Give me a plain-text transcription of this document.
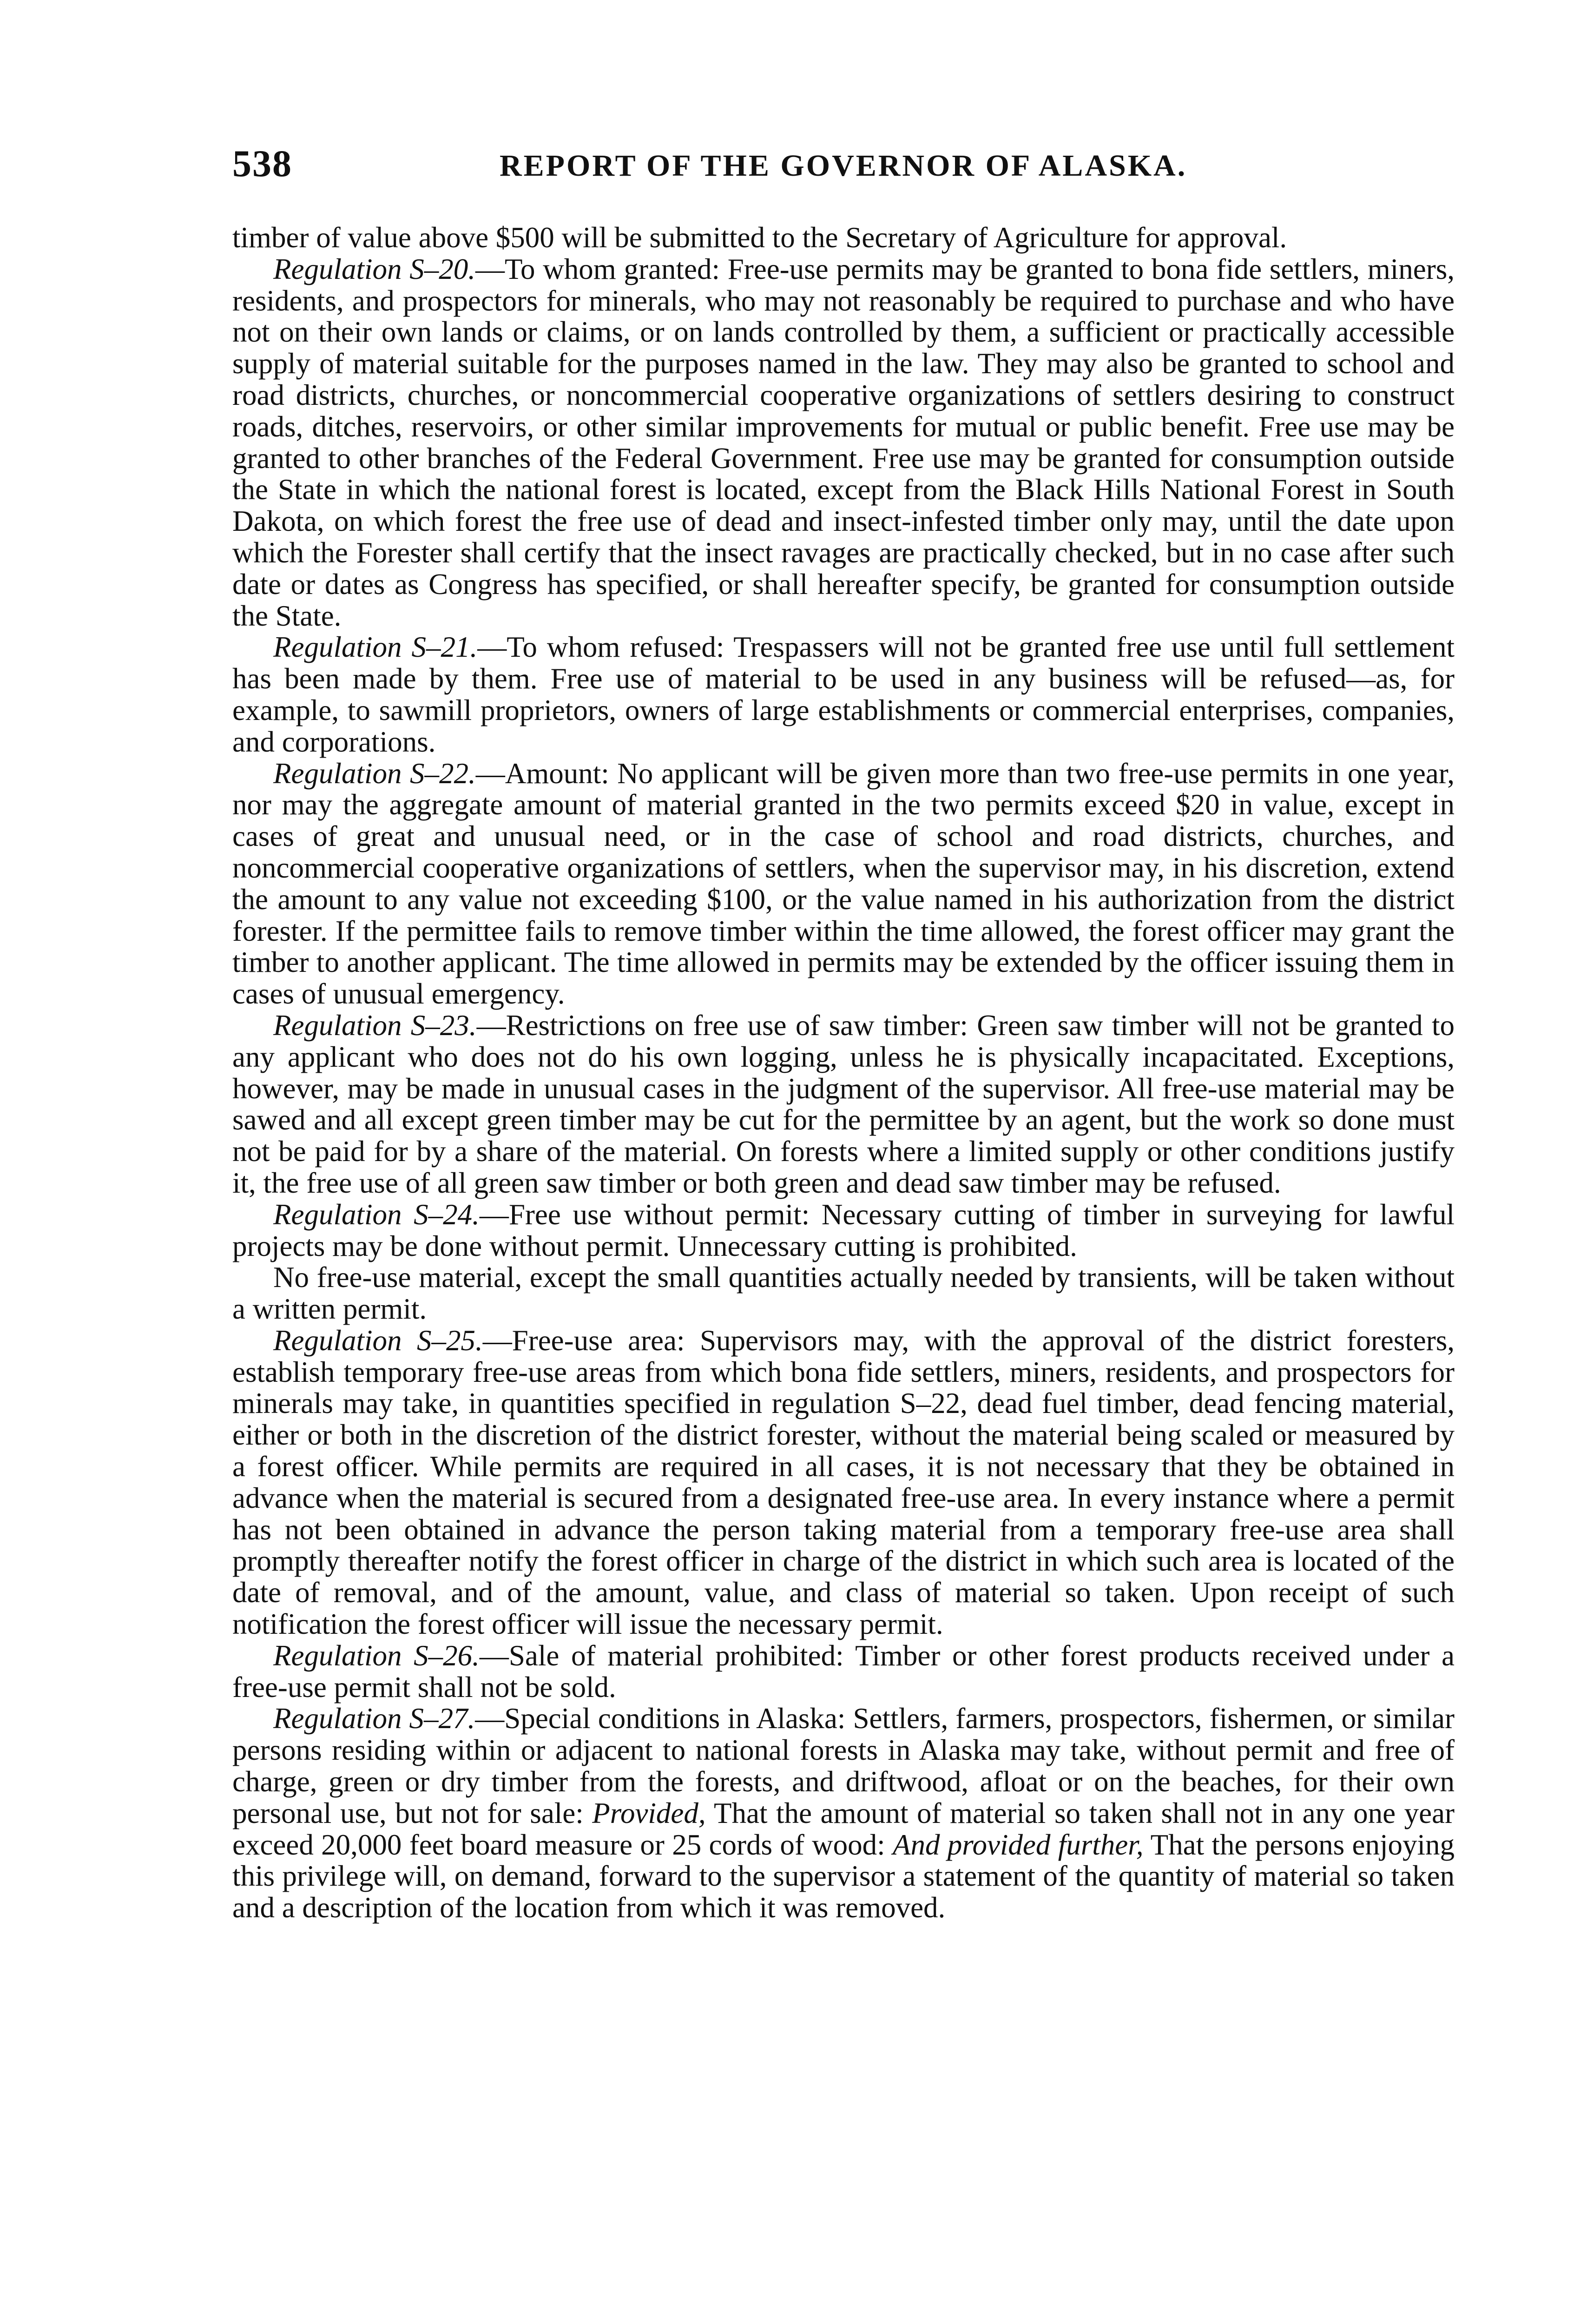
538	REPORT OF THE GOVERNOR OF ALASKA.

timber of value above $500 will be submitted to the Secretary of Agriculture for approval.

Regulation S–20.—To whom granted: Free-use permits may be granted to bona fide settlers, miners, residents, and prospectors for minerals, who may not reasonably be required to purchase and who have not on their own lands or claims, or on lands controlled by them, a sufficient or practically accessible supply of material suitable for the purposes named in the law. They may also be granted to school and road districts, churches, or noncommercial cooperative organizations of settlers desiring to construct roads, ditches, reservoirs, or other similar improvements for mutual or public benefit. Free use may be granted to other branches of the Federal Government. Free use may be granted for consumption outside the State in which the national forest is located, except from the Black Hills National Forest in South Dakota, on which forest the free use of dead and insect-infested timber only may, until the date upon which the Forester shall certify that the insect ravages are practically checked, but in no case after such date or dates as Congress has specified, or shall hereafter specify, be granted for consumption outside the State.

Regulation S–21.—To whom refused: Trespassers will not be granted free use until full settlement has been made by them. Free use of material to be used in any business will be refused—as, for example, to sawmill proprietors, owners of large establishments or commercial enterprises, companies, and corporations.

Regulation S–22.—Amount: No applicant will be given more than two free-use permits in one year, nor may the aggregate amount of material granted in the two permits exceed $20 in value, except in cases of great and unusual need, or in the case of school and road districts, churches, and noncommercial cooperative organizations of settlers, when the supervisor may, in his discretion, extend the amount to any value not exceeding $100, or the value named in his authorization from the district forester. If the permittee fails to remove timber within the time allowed, the forest officer may grant the timber to another applicant. The time allowed in permits may be extended by the officer issuing them in cases of unusual emergency.

Regulation S–23.—Restrictions on free use of saw timber: Green saw timber will not be granted to any applicant who does not do his own logging, unless he is physically incapacitated. Exceptions, however, may be made in unusual cases in the judgment of the supervisor. All free-use material may be sawed and all except green timber may be cut for the permittee by an agent, but the work so done must not be paid for by a share of the material. On forests where a limited supply or other conditions justify it, the free use of all green saw timber or both green and dead saw timber may be refused.

Regulation S–24.—Free use without permit: Necessary cutting of timber in surveying for lawful projects may be done without permit. Unnecessary cutting is prohibited.

No free-use material, except the small quantities actually needed by transients, will be taken without a written permit.

Regulation S–25.—Free-use area: Supervisors may, with the approval of the district foresters, establish temporary free-use areas from which bona fide settlers, miners, residents, and prospectors for minerals may take, in quantities specified in regulation S–22, dead fuel timber, dead fencing material, either or both in the discretion of the district forester, without the material being scaled or measured by a forest officer. While permits are required in all cases, it is not necessary that they be obtained in advance when the material is secured from a designated free-use area. In every instance where a permit has not been obtained in advance the person taking material from a temporary free-use area shall promptly thereafter notify the forest officer in charge of the district in which such area is located of the date of removal, and of the amount, value, and class of material so taken. Upon receipt of such notification the forest officer will issue the necessary permit.

Regulation S–26.—Sale of material prohibited: Timber or other forest products received under a free-use permit shall not be sold.

Regulation S–27.—Special conditions in Alaska: Settlers, farmers, prospectors, fishermen, or similar persons residing within or adjacent to national forests in Alaska may take, without permit and free of charge, green or dry timber from the forests, and driftwood, afloat or on the beaches, for their own personal use, but not for sale: Provided, That the amount of material so taken shall not in any one year exceed 20,000 feet board measure or 25 cords of wood: And provided further, That the persons enjoying this privilege will, on demand, forward to the supervisor a statement of the quantity of material so taken and a description of the location from which it was removed.
